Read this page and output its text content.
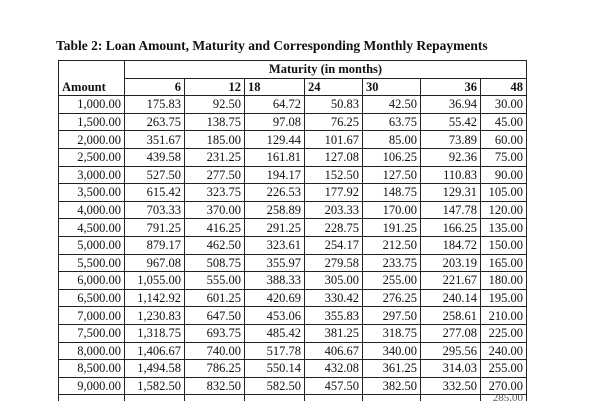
Table 2: Loan Amount, Maturity and Corresponding Monthly Repayments
Amount	Maturity (in months)						
	6	12	18	24	30	36	48
1,000.00	175.83	92.50	64.72	50.83	42.50	36.94	30.00
1,500.00	263.75	138.75	97.08	76.25	63.75	55.42	45.00
2,000.00	351.67	185.00	129.44	101.67	85.00	73.89	60.00
2,500.00	439.58	231.25	161.81	127.08	106.25	92.36	75.00
3,000.00	527.50	277.50	194.17	152.50	127.50	110.83	90.00
3,500.00	615.42	323.75	226.53	177.92	148.75	129.31	105.00
4,000.00	703.33	370.00	258.89	203.33	170.00	147.78	120.00
4,500.00	791.25	416.25	291.25	228.75	191.25	166.25	135.00
5,000.00	879.17	462.50	323.61	254.17	212.50	184.72	150.00
5,500.00	967.08	508.75	355.97	279.58	233.75	203.19	165.00
6,000.00	1,055.00	555.00	388.33	305.00	255.00	221.67	180.00
6,500.00	1,142.92	601.25	420.69	330.42	276.25	240.14	195.00
7,000.00	1,230.83	647.50	453.06	355.83	297.50	258.61	210.00
7,500.00	1,318.75	693.75	485.42	381.25	318.75	277.08	225.00
8,000.00	1,406.67	740.00	517.78	406.67	340.00	295.56	240.00
8,500.00	1,494.58	786.25	550.14	432.08	361.25	314.03	255.00
9,000.00	1,582.50	832.50	582.50	457.50	382.50	332.50	270.00
							285.00
